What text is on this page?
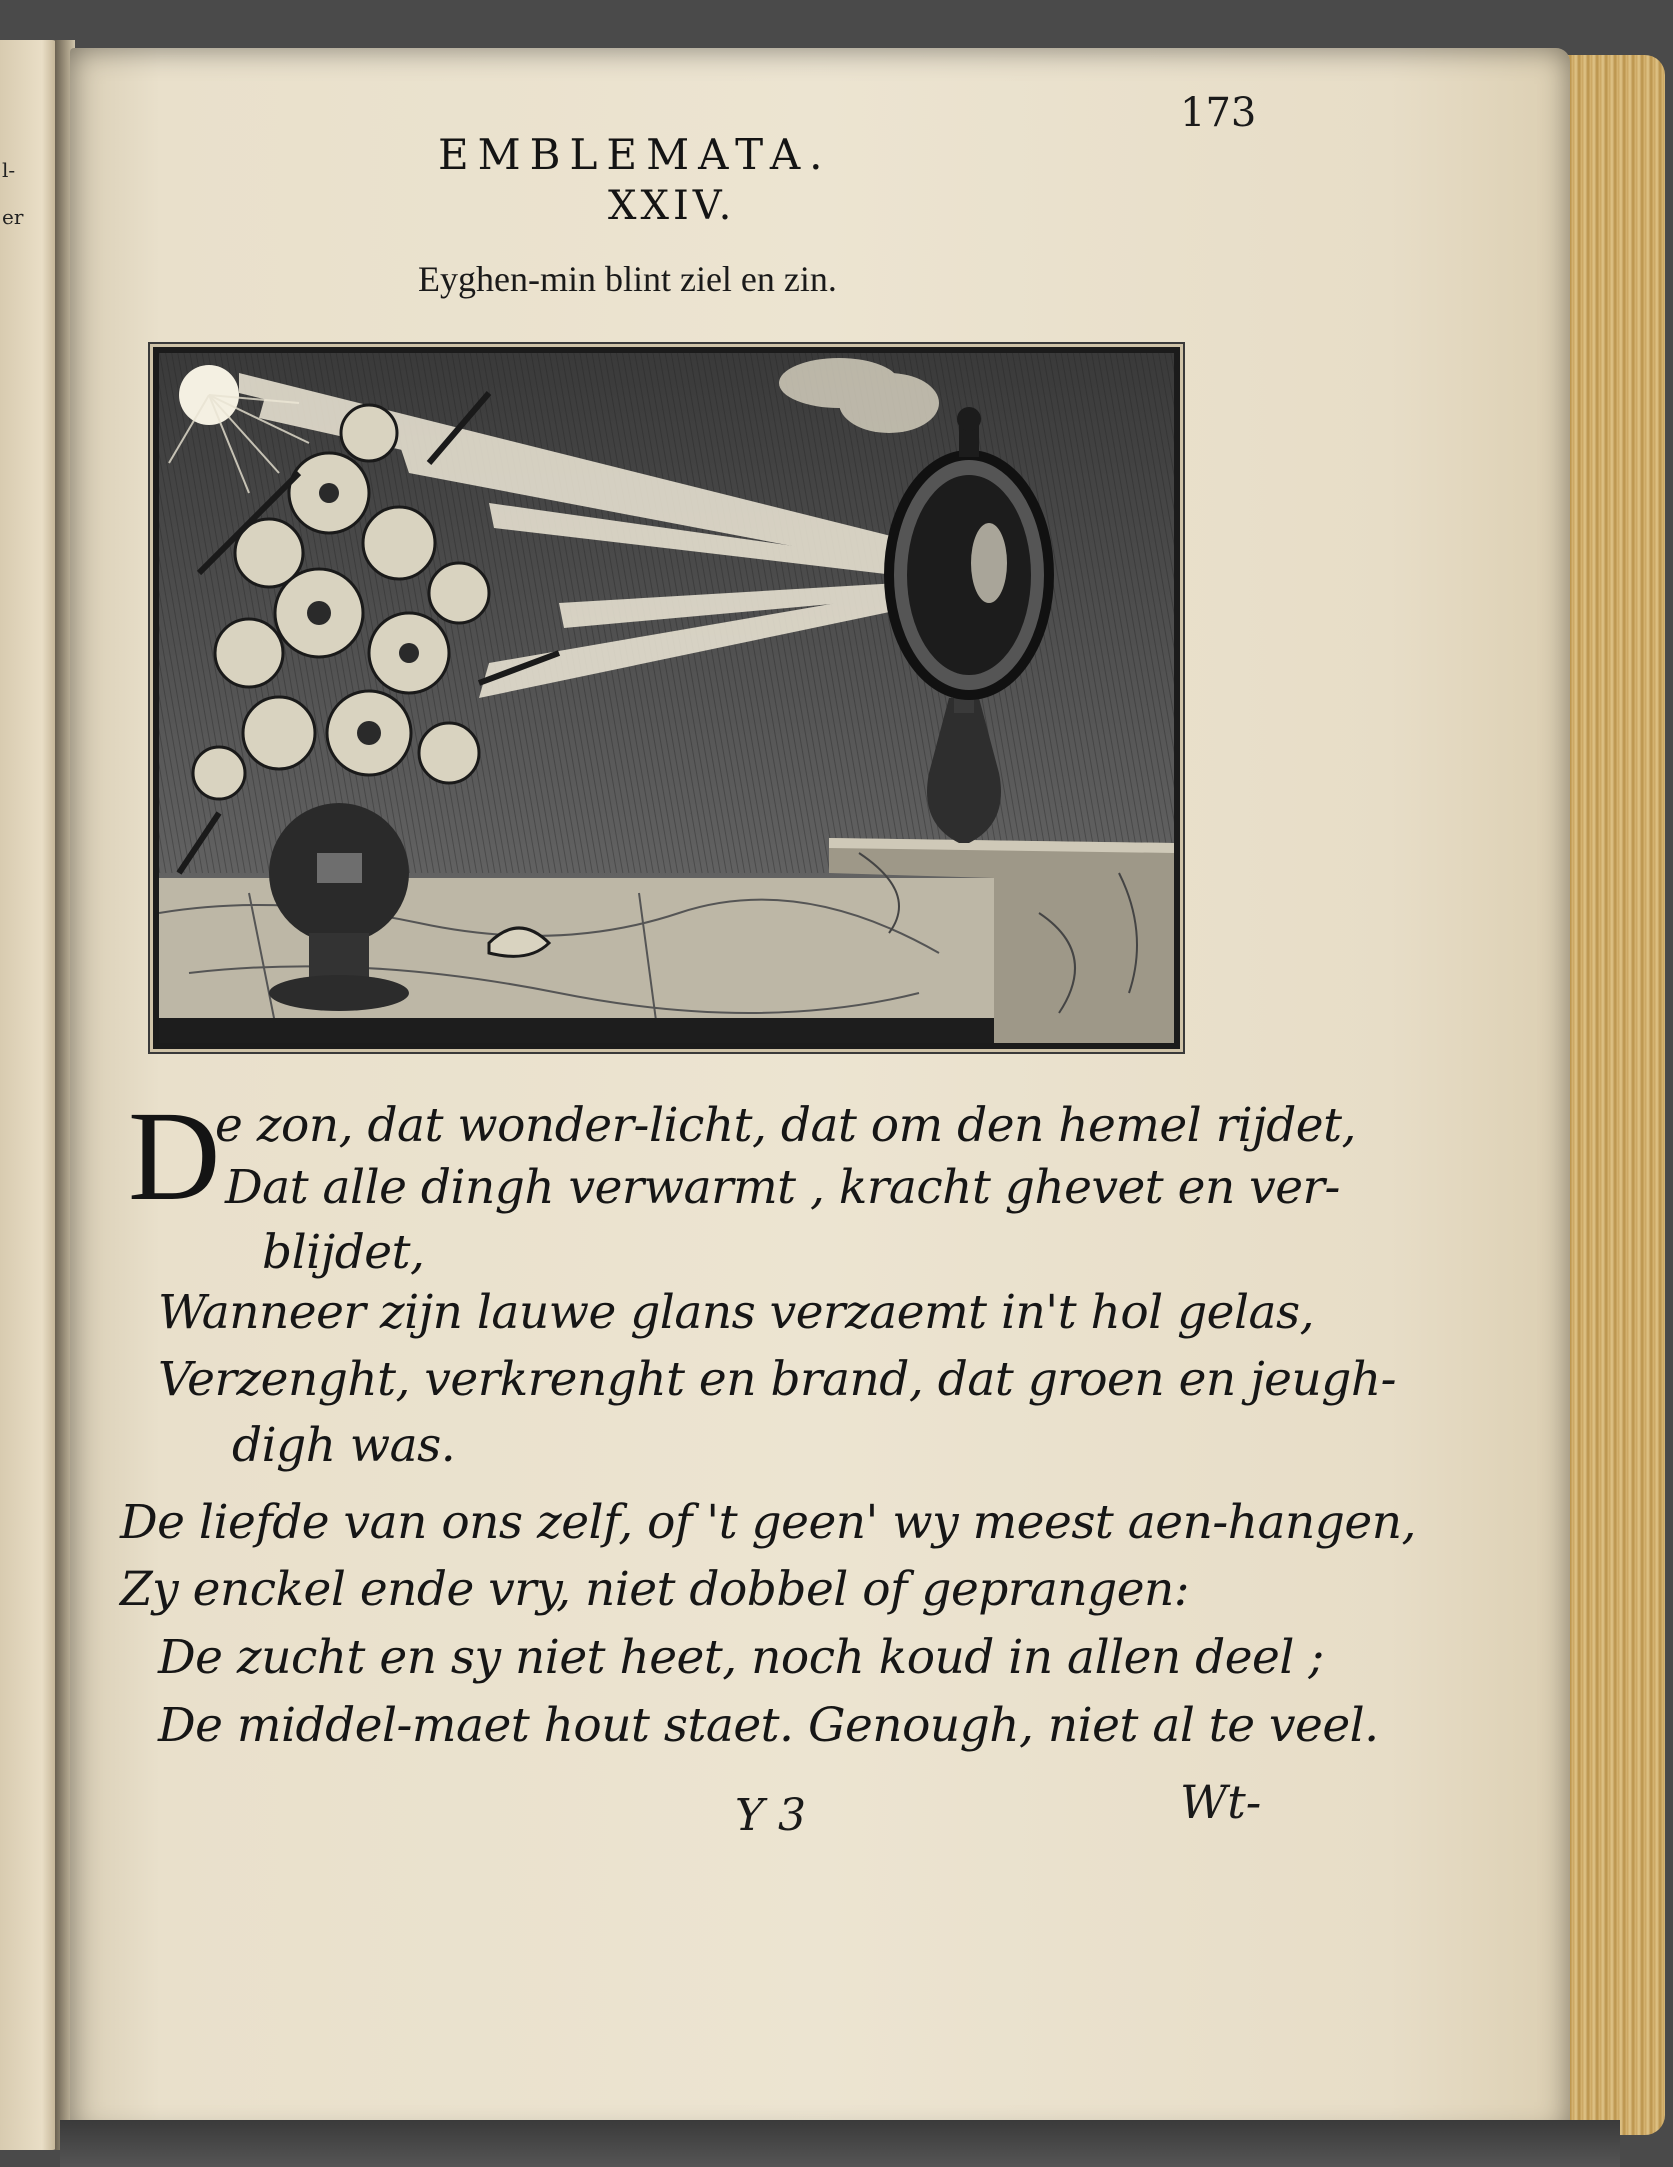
l-
er
173
EMBLEMATA.
XXIV.
Eyghen-min blint ziel en zin.
D
e zon, dat wonder-licht, dat om den hemel rijdet,
Dat alle dingh verwarmt , kracht ghevet en ver-
blijdet,
Wanneer zijn lauwe glans verzaemt in't hol gelas,
Verzenght, verkrenght en brand, dat groen en jeugh-
digh was.
De liefde van ons zelf, of 't geen' wy meest aen-hangen,
Zy enckel ende vry, niet dobbel of geprangen:
De zucht en sy niet heet, noch koud in allen deel ;
De middel-maet hout staet. Genough, niet al te veel.
Y 3	Wt-
